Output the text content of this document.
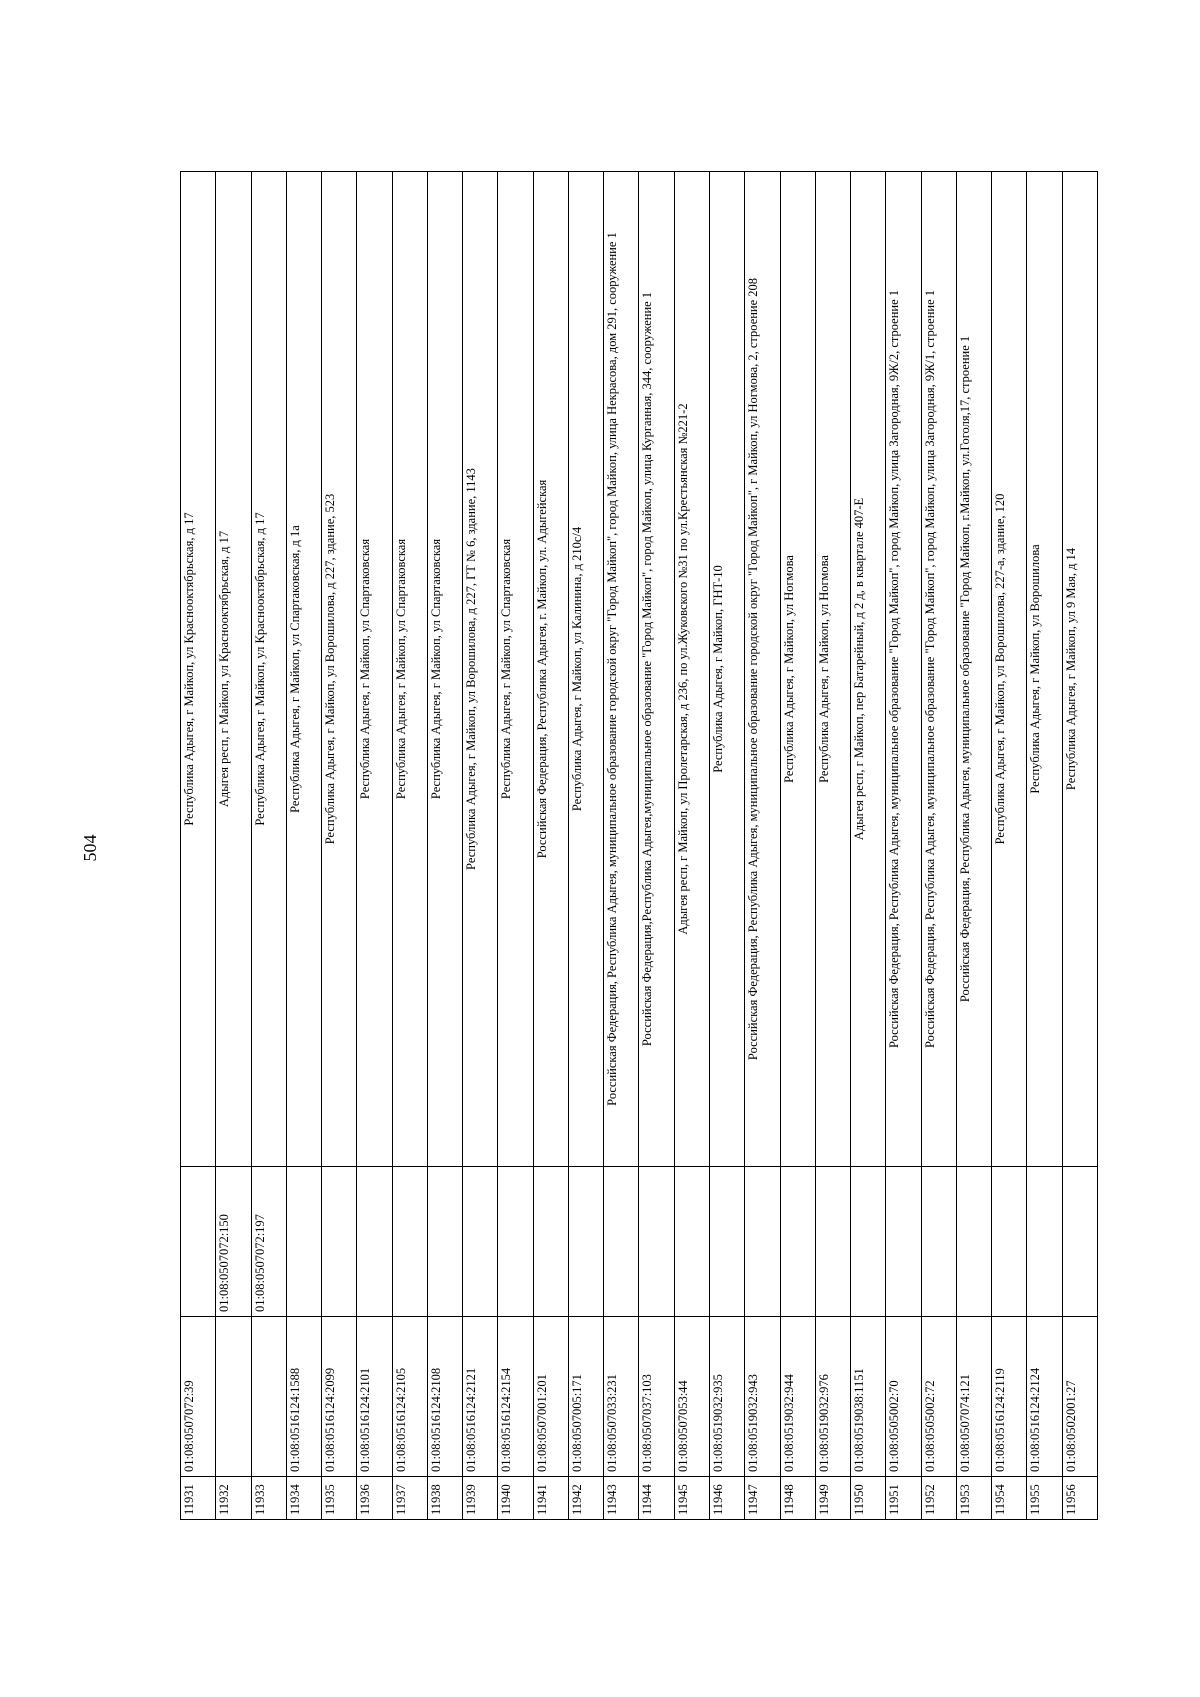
504
11931	01:08:0507072:39		Республика Адыгея, г Майкоп, ул Краснооктябрьская, д 17
11932		01:08:0507072:150	Адыгея респ, г Майкоп, ул Краснооктябрьская, д 17
11933		01:08:0507072:197	Республика Адыгея, г Майкоп, ул Краснооктябрьская, д 17
11934	01:08:0516124:1588		Республика Адыгея, г Майкоп, ул Спартаковская, д 1а
11935	01:08:0516124:2099		Республика Адыгея, г Майкоп, ул Ворошилова, д 227, здание, 523
11936	01:08:0516124:2101		Республика Адыгея, г Майкоп, ул Спартаковская
11937	01:08:0516124:2105		Республика Адыгея, г Майкоп, ул Спартаковская
11938	01:08:0516124:2108		Республика Адыгея, г Майкоп, ул Спартаковская
11939	01:08:0516124:2121		Республика Адыгея, г Майкоп, ул Ворошилова, д 227, ГТ № 6, здание, 1143
11940	01:08:0516124:2154		Республика Адыгея, г Майкоп, ул Спартаковская
11941	01:08:0507001:201		Российская Федерация, Республика Адыгея, г. Майкоп, ул. Адыгейская
11942	01:08:0507005:171		Республика Адыгея, г Майкоп, ул Калинина, д 210с/4
11943	01:08:0507033:231		Российская Федерация, Республика Адыгея, муниципальное образование городской округ "Город Майкоп", город Майкоп, улица Некрасова, дом 291, сооружение 1
11944	01:08:0507037:103		Российская Федерация,Республика Адыгея,муниципальное образование "Город Майкоп", город Майкоп, улица Курганная, 344, сооружение 1
11945	01:08:0507053:44		Адыгея респ, г Майкоп, ул Пролетарская, д 236, по ул.Жуковского №31 по ул.Крестьянская №221-2
11946	01:08:0519032:935		Республика Адыгея, г Майкоп, ГНТ-10
11947	01:08:0519032:943		Российская Федерация, Республика Адыгея, муниципальное образование городской округ "Город Майкоп", г Майкоп, ул Ногмова, 2, строение 208
11948	01:08:0519032:944		Республика Адыгея, г Майкоп, ул Ногмова
11949	01:08:0519032:976		Республика Адыгея, г Майкоп, ул Ногмова
11950	01:08:0519038:1151		Адыгея респ, г Майкоп, пер Батарейный, д 2 д, в квартале 407-Е
11951	01:08:0505002:70		Российская Федерация, Республика Адыгея, муниципальное образование "Город Майкоп", город Майкоп, улица Загородная, 9Ж/2, строение 1
11952	01:08:0505002:72		Российская Федерация, Республика Адыгея, муниципальное образование "Город Майкоп", город Майкоп, улица Загородная, 9Ж/1, строение 1
11953	01:08:0507074:121		Российская Федерация, Республика Адыгея, муниципальное образование "Город Майкоп, г.Майкоп, ул.Гоголя,17, строение 1
11954	01:08:0516124:2119		Республика Адыгея, г Майкоп, ул Ворошилова, 227-а, здание, 120
11955	01:08:0516124:2124		Республика Адыгея, г Майкоп, ул Ворошилова
11956	01:08:0502001:27		Республика Адыгея, г Майкоп, ул 9 Мая, д 14
